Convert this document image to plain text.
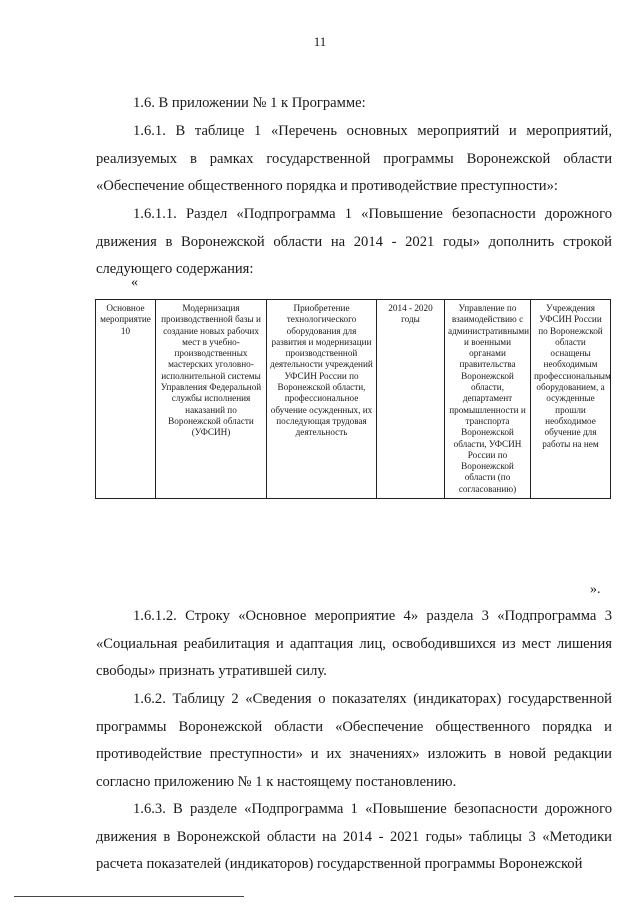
11

1.6. В приложении № 1 к Программе:

1.6.1. В таблице 1 «Перечень основных мероприятий и мероприятий, реализуемых в рамках государственной программы Воронежской области «Обеспечение общественного порядка и противодействие преступности»:

1.6.1.1. Раздел «Подпрограмма 1 «Повышение безопасности дорожного движения в Воронежской области на 2014 - 2021 годы» дополнить строкой следующего содержания:

«
Основное мероприятие 10	Модернизация производственной базы и создание новых рабочих мест в учебно-производственных мастерских уголовно-исполнительной системы Управления Федеральной службы исполнения наказаний по Воронежской области (УФСИН)	Приобретение технологического оборудования для развития и модернизации производственной деятельности учреждений УФСИН России по Воронежской области, профессиональное обучение осужденных, их последующая трудовая деятельность	2014 - 2020 годы	Управление по взаимодействию с административными и военными органами правительства Воронежской области, департамент промышленности и транспорта Воронежской области, УФСИН России по Воронежской области (по согласованию)	Учреждения УФСИН России по Воронежской области оснащены необходимым профессиональным оборудованием, а осужденные прошли необходимое обучение для работы на нем
».

1.6.1.2. Строку «Основное мероприятие 4» раздела 3 «Подпрограмма 3 «Социальная реабилитация и адаптация лиц, освободившихся из мест лишения свободы» признать утратившей силу.

1.6.2. Таблицу 2 «Сведения о показателях (индикаторах) государственной программы Воронежской области «Обеспечение общественного порядка и противодействие преступности» и их значениях» изложить в новой редакции согласно приложению № 1 к настоящему постановлению.

1.6.3. В разделе «Подпрограмма 1 «Повышение безопасности дорожного движения в Воронежской области на 2014 - 2021 годы» таблицы 3 «Методики расчета показателей (индикаторов) государственной программы Воронежской
